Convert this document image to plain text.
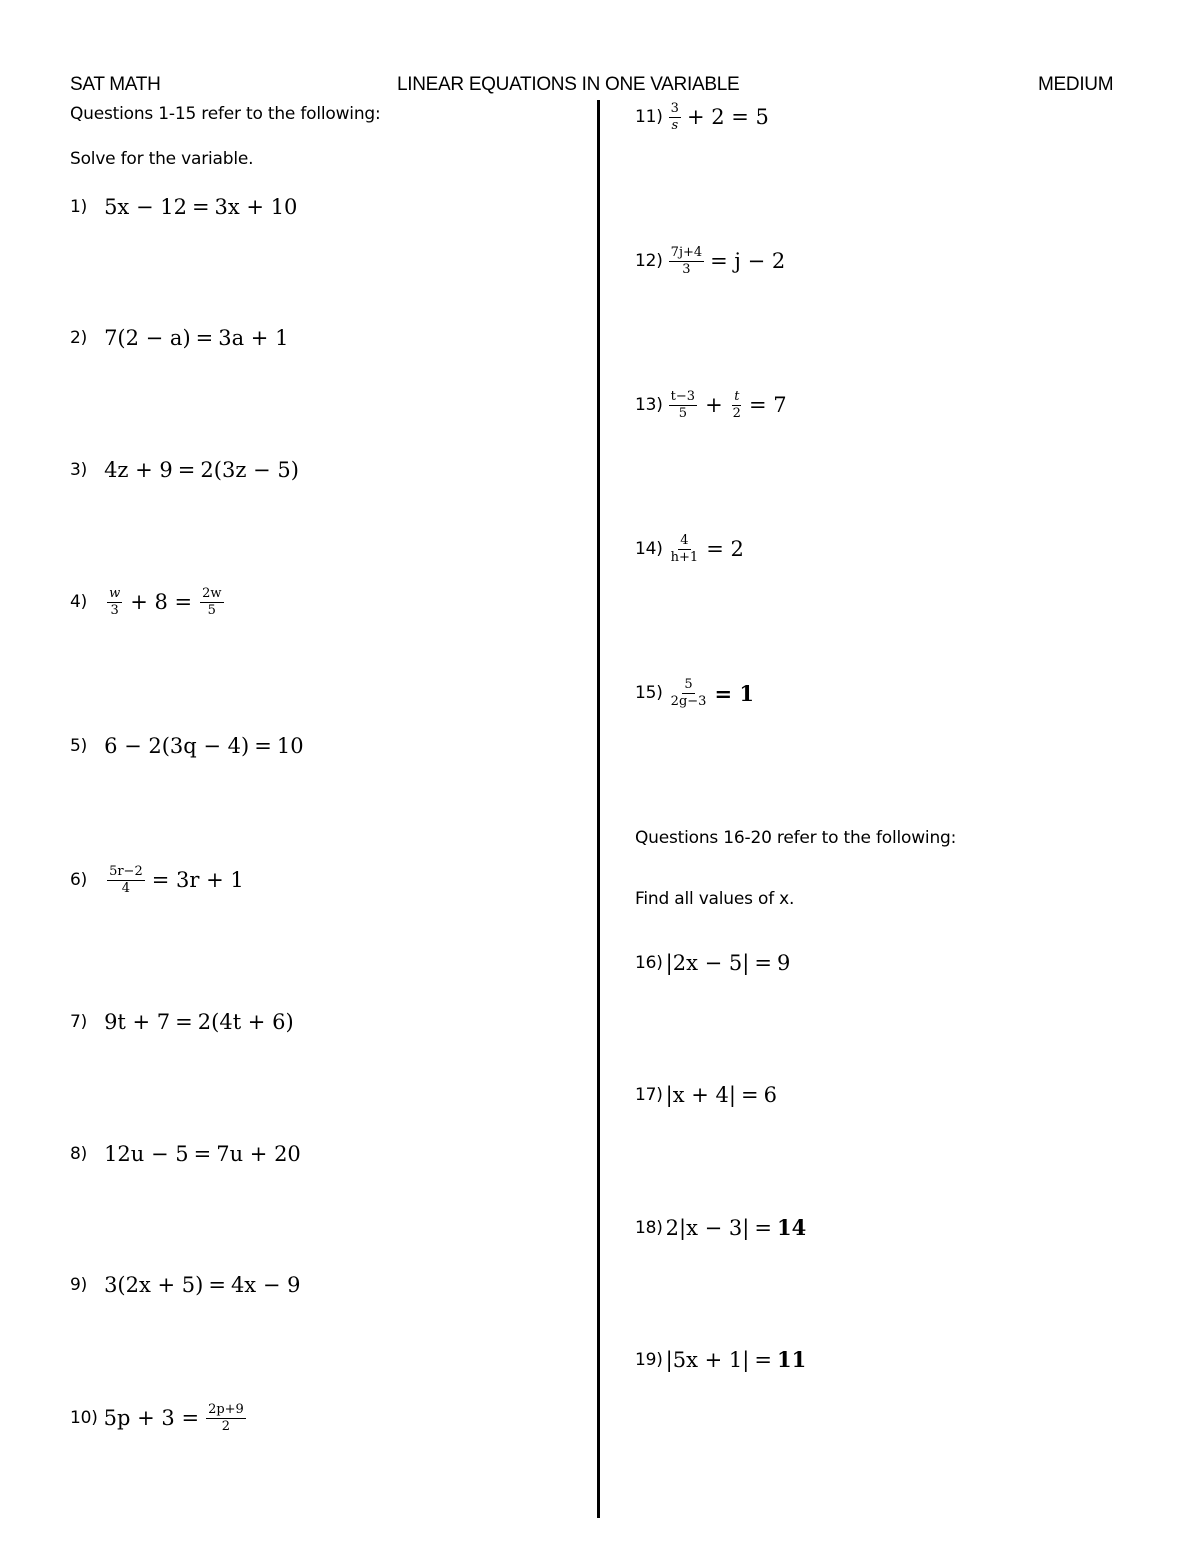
SAT MATH	LINEAR EQUATIONS IN ONE VARIABLE	MEDIUM
Questions 1-15 refer to the following:
Solve for the variable.
1) 5x − 12 = 3x + 10
2) 7(2 − a) = 3a + 1
3) 4z + 9 = 2(3z − 5)
$4) \frac{w}{3} + 8 = \frac{2w}{5}$
5) 6 − 2(3q − 4) = 10
$6) \frac{5r-2}{4} = 3r + 1$
7) 9t + 7 = 2(4t + 6)
8) 12u − 5 = 7u + 20
9) 3(2x + 5) = 4x − 9
10) $5p + 3 = \frac{2p+9}{2}$
$11) \frac{3}{s} + 2 = 5$
$12) \frac{7j+4}{3} = j - 2$
$13) \frac{t-3}{5} + \frac{t}{2} = 7$
$14) \frac{4}{h+1} = 2$
$15) \frac{5}{2g-3} = 1$
Questions 16-20 refer to the following:
Find all values of x.
16) |2x − 5| = 9
17) |x + 4| = 6
18) 2|x − 3| = 14
19) |5x + 1| = 11
